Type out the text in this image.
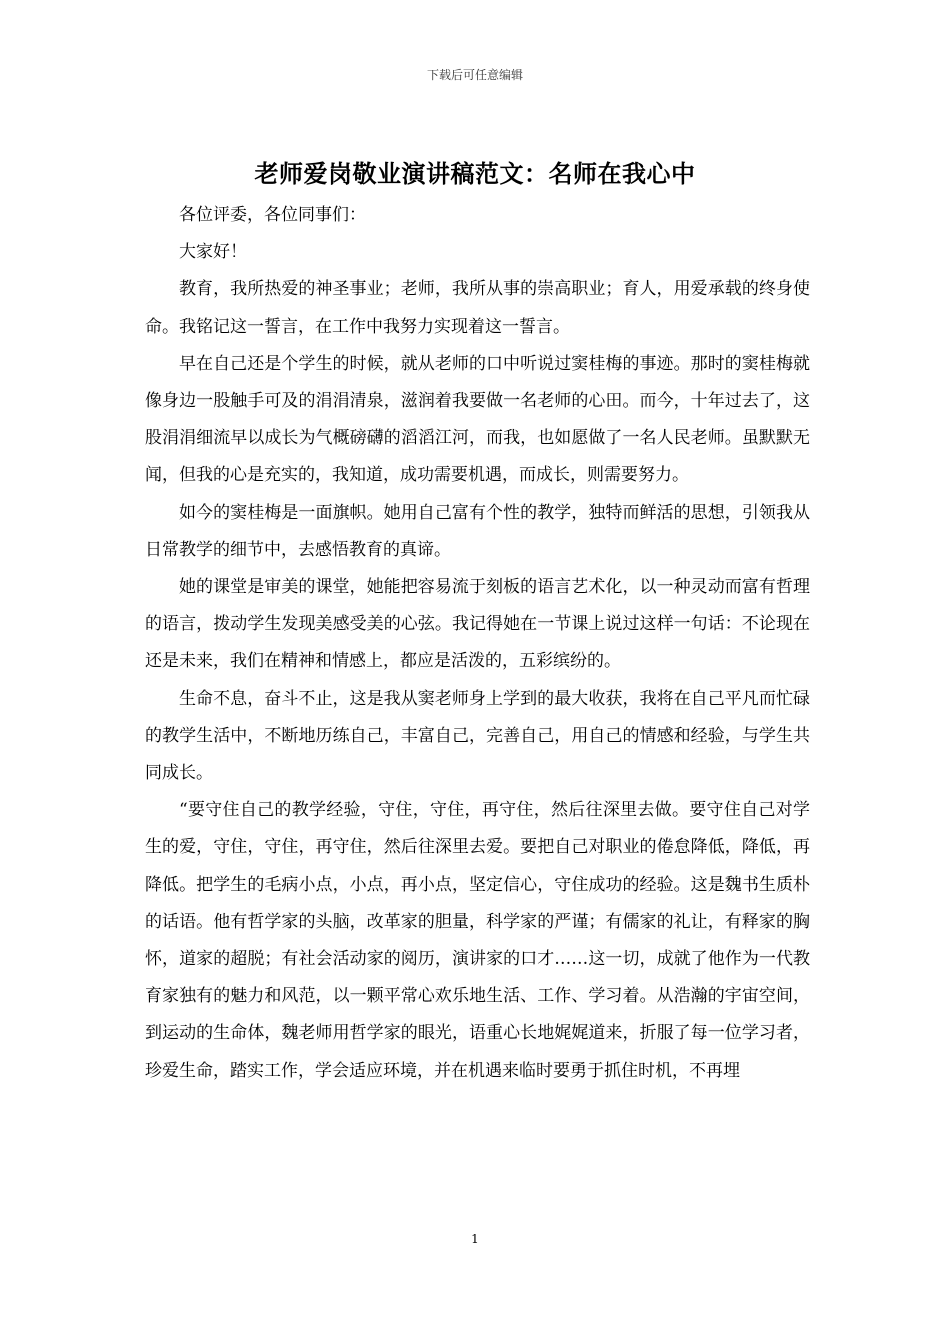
下载后可任意编辑
老师爱岗敬业演讲稿范文：名师在我心中

各位评委，各位同事们：

大家好！

教育，我所热爱的神圣事业；老师，我所从事的崇高职业；育人，用爱承载的终身使命。我铭记这一誓言，在工作中我努力实现着这一誓言。

早在自己还是个学生的时候，就从老师的口中听说过窦桂梅的事迹。那时的窦桂梅就像身边一股触手可及的涓涓清泉，滋润着我要做一名老师的心田。而今，十年过去了，这股涓涓细流早以成长为气概磅礴的滔滔江河，而我，也如愿做了一名人民老师。虽默默无闻，但我的心是充实的，我知道，成功需要机遇，而成长，则需要努力。

如今的窦桂梅是一面旗帜。她用自己富有个性的教学，独特而鲜活的思想，引领我从日常教学的细节中，去感悟教育的真谛。

她的课堂是审美的课堂，她能把容易流于刻板的语言艺术化，以一种灵动而富有哲理的语言，拨动学生发现美感受美的心弦。我记得她在一节课上说过这样一句话：不论现在还是未来，我们在精神和情感上，都应是活泼的，五彩缤纷的。

生命不息，奋斗不止，这是我从窦老师身上学到的最大收获，我将在自己平凡而忙碌的教学生活中，不断地历练自己，丰富自己，完善自己，用自己的情感和经验，与学生共同成长。

“要守住自己的教学经验，守住，守住，再守住，然后往深里去做。要守住自己对学生的爱，守住，守住，再守住，然后往深里去爱。要把自己对职业的倦怠降低，降低，再降低。把学生的毛病小点，小点，再小点，坚定信心，守住成功的经验。这是魏书生质朴的话语。他有哲学家的头脑，改革家的胆量，科学家的严谨；有儒家的礼让，有释家的胸怀，道家的超脱；有社会活动家的阅历，演讲家的口才……这一切，成就了他作为一代教育家独有的魅力和风范，以一颗平常心欢乐地生活、工作、学习着。从浩瀚的宇宙空间，到运动的生命体，魏老师用哲学家的眼光，语重心长地娓娓道来，折服了每一位学习者，珍爱生命，踏实工作，学会适应环境，并在机遇来临时要勇于抓住时机，不再埋

1
